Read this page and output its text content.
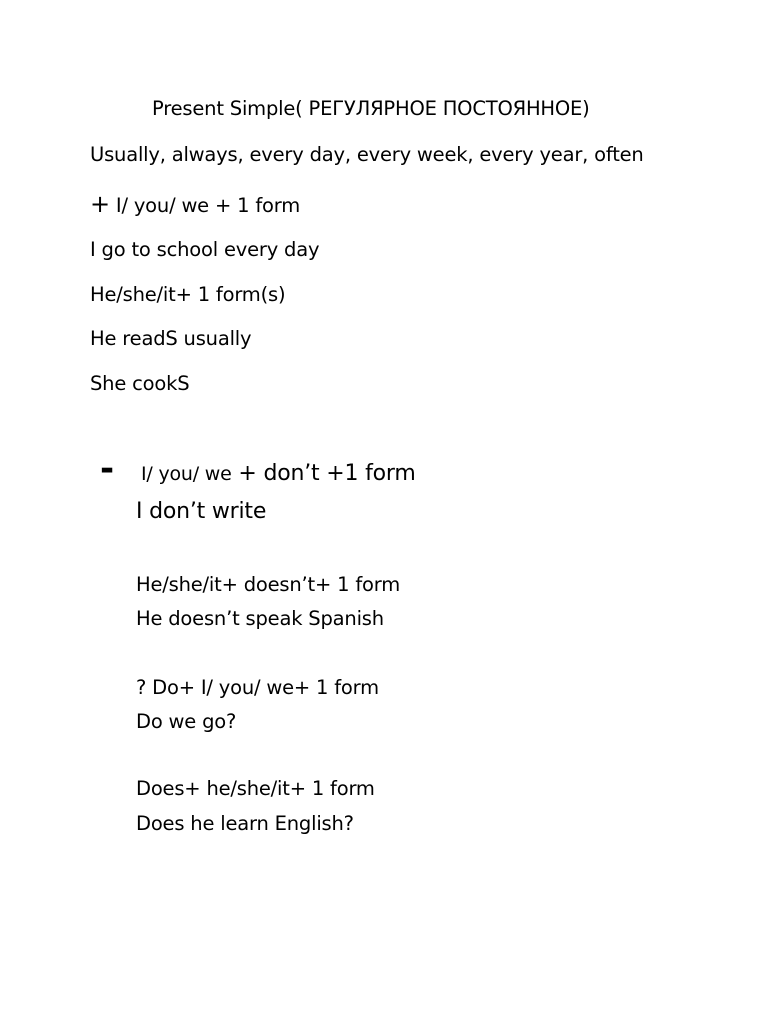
Present Simple( РЕГУЛЯРНОЕ ПОСТОЯННОЕ)
Usually, always, every day, every week, every year, often
+ I/ you/ we + 1 form
I go to school every day
He/she/it+ 1 form(s)
He readS usually
She cookS
- I/ you/ we + don’t +1 form
I don’t write
He/she/it+ doesn’t+ 1 form
He doesn’t speak Spanish
? Do+ I/ you/ we+ 1 form
Do we go?
Does+ he/she/it+ 1 form
Does he learn English?
